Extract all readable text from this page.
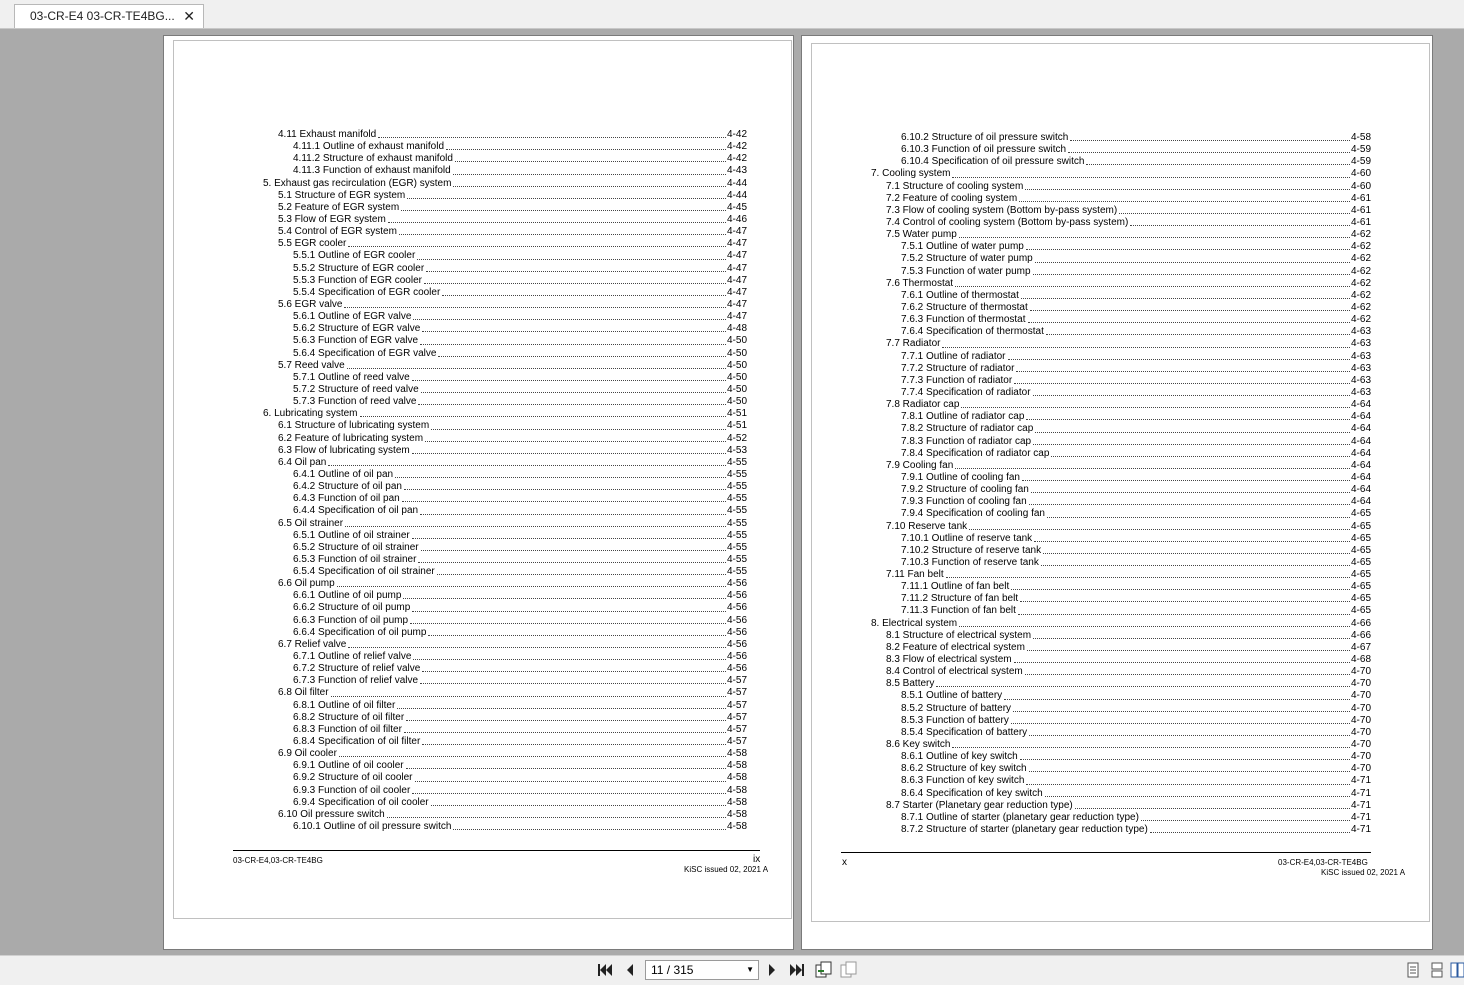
03-CR-E4 03-CR-TE4BG... ✕
4.11 Exhaust manifold	4-42
4.11.1 Outline of exhaust manifold	4-42
4.11.2 Structure of exhaust manifold	4-42
4.11.3 Function of exhaust manifold	4-43
5. Exhaust gas recirculation (EGR) system	4-44
5.1 Structure of EGR system	4-44
5.2 Feature of EGR system	4-45
5.3 Flow of EGR system	4-46
5.4 Control of EGR system	4-47
5.5 EGR cooler	4-47
5.5.1 Outline of EGR cooler	4-47
5.5.2 Structure of EGR cooler	4-47
5.5.3 Function of EGR cooler	4-47
5.5.4 Specification of EGR cooler	4-47
5.6 EGR valve	4-47
5.6.1 Outline of EGR valve	4-47
5.6.2 Structure of EGR valve	4-48
5.6.3 Function of EGR valve	4-50
5.6.4 Specification of EGR valve	4-50
5.7 Reed valve	4-50
5.7.1 Outline of reed valve	4-50
5.7.2 Structure of reed valve	4-50
5.7.3 Function of reed valve	4-50
6. Lubricating system	4-51
6.1 Structure of lubricating system	4-51
6.2 Feature of lubricating system	4-52
6.3 Flow of lubricating system	4-53
6.4 Oil pan	4-55
6.4.1 Outline of oil pan	4-55
6.4.2 Structure of oil pan	4-55
6.4.3 Function of oil pan	4-55
6.4.4 Specification of oil pan	4-55
6.5 Oil strainer	4-55
6.5.1 Outline of oil strainer	4-55
6.5.2 Structure of oil strainer	4-55
6.5.3 Function of oil strainer	4-55
6.5.4 Specification of oil strainer	4-55
6.6 Oil pump	4-56
6.6.1 Outline of oil pump	4-56
6.6.2 Structure of oil pump	4-56
6.6.3 Function of oil pump	4-56
6.6.4 Specification of oil pump	4-56
6.7 Relief valve	4-56
6.7.1 Outline of relief valve	4-56
6.7.2 Structure of relief valve	4-56
6.7.3 Function of relief valve	4-57
6.8 Oil filter	4-57
6.8.1 Outline of oil filter	4-57
6.8.2 Structure of oil filter	4-57
6.8.3 Function of oil filter	4-57
6.8.4 Specification of oil filter	4-57
6.9 Oil cooler	4-58
6.9.1 Outline of oil cooler	4-58
6.9.2 Structure of oil cooler	4-58
6.9.3 Function of oil cooler	4-58
6.9.4 Specification of oil cooler	4-58
6.10 Oil pressure switch	4-58
6.10.1 Outline of oil pressure switch	4-58
03-CR-E4,03-CR-TE4BG	ix
KiSC issued 02, 2021 A
6.10.2 Structure of oil pressure switch	4-58
6.10.3 Function of oil pressure switch	4-59
6.10.4 Specification of oil pressure switch	4-59
7. Cooling system	4-60
7.1 Structure of cooling system	4-60
7.2 Feature of cooling system	4-61
7.3 Flow of cooling system (Bottom by-pass system)	4-61
7.4 Control of cooling system (Bottom by-pass system)	4-61
7.5 Water pump	4-62
7.5.1 Outline of water pump	4-62
7.5.2 Structure of water pump	4-62
7.5.3 Function of water pump	4-62
7.6 Thermostat	4-62
7.6.1 Outline of thermostat	4-62
7.6.2 Structure of thermostat	4-62
7.6.3 Function of thermostat	4-62
7.6.4 Specification of thermostat	4-63
7.7 Radiator	4-63
7.7.1 Outline of radiator	4-63
7.7.2 Structure of radiator	4-63
7.7.3 Function of radiator	4-63
7.7.4 Specification of radiator	4-63
7.8 Radiator cap	4-64
7.8.1 Outline of radiator cap	4-64
7.8.2 Structure of radiator cap	4-64
7.8.3 Function of radiator cap	4-64
7.8.4 Specification of radiator cap	4-64
7.9 Cooling fan	4-64
7.9.1 Outline of cooling fan	4-64
7.9.2 Structure of cooling fan	4-64
7.9.3 Function of cooling fan	4-64
7.9.4 Specification of cooling fan	4-65
7.10 Reserve tank	4-65
7.10.1 Outline of reserve tank	4-65
7.10.2 Structure of reserve tank	4-65
7.10.3 Function of reserve tank	4-65
7.11 Fan belt	4-65
7.11.1 Outline of fan belt	4-65
7.11.2 Structure of fan belt	4-65
7.11.3 Function of fan belt	4-65
8. Electrical system	4-66
8.1 Structure of electrical system	4-66
8.2 Feature of electrical system	4-67
8.3 Flow of electrical system	4-68
8.4 Control of electrical system	4-70
8.5 Battery	4-70
8.5.1 Outline of battery	4-70
8.5.2 Structure of battery	4-70
8.5.3 Function of battery	4-70
8.5.4 Specification of battery	4-70
8.6 Key switch	4-70
8.6.1 Outline of key switch	4-70
8.6.2 Structure of key switch	4-70
8.6.3 Function of key switch	4-71
8.6.4 Specification of key switch	4-71
8.7 Starter (Planetary gear reduction type)	4-71
8.7.1 Outline of starter (planetary gear reduction type)	4-71
8.7.2 Structure of starter (planetary gear reduction type)	4-71
x	03-CR-E4,03-CR-TE4BG
KiSC issued 02, 2021 A
11 / 315	▼
